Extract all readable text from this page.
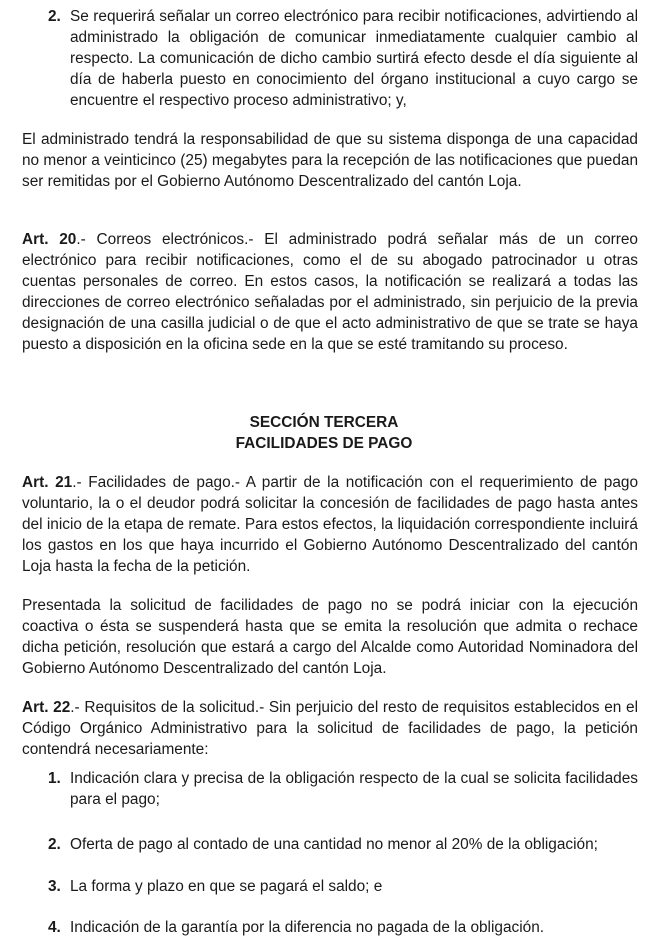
2. Se requerirá señalar un correo electrónico para recibir notificaciones, advirtiendo al administrado la obligación de comunicar inmediatamente cualquier cambio al respecto. La comunicación de dicho cambio surtirá efecto desde el día siguiente al día de haberla puesto en conocimiento del órgano institucional a cuyo cargo se encuentre el respectivo proceso administrativo; y,

El administrado tendrá la responsabilidad de que su sistema disponga de una capacidad no menor a veinticinco (25) megabytes para la recepción de las notificaciones que puedan ser remitidas por el Gobierno Autónomo Descentralizado del cantón Loja.

Art. 20.- Correos electrónicos.- El administrado podrá señalar más de un correo electrónico para recibir notificaciones, como el de su abogado patrocinador u otras cuentas personales de correo. En estos casos, la notificación se realizará a todas las direcciones de correo electrónico señaladas por el administrado, sin perjuicio de la previa designación de una casilla judicial o de que el acto administrativo de que se trate se haya puesto a disposición en la oficina sede en la que se esté tramitando su proceso.

SECCIÓN TERCERA
FACILIDADES DE PAGO

Art. 21.- Facilidades de pago.- A partir de la notificación con el requerimiento de pago voluntario, la o el deudor podrá solicitar la concesión de facilidades de pago hasta antes del inicio de la etapa de remate. Para estos efectos, la liquidación correspondiente incluirá los gastos en los que haya incurrido el Gobierno Autónomo Descentralizado del cantón Loja hasta la fecha de la petición.

Presentada la solicitud de facilidades de pago no se podrá iniciar con la ejecución coactiva o ésta se suspenderá hasta que se emita la resolución que admita o rechace dicha petición, resolución que estará a cargo del Alcalde como Autoridad Nominadora del Gobierno Autónomo Descentralizado del cantón Loja.

Art. 22.- Requisitos de la solicitud.- Sin perjuicio del resto de requisitos establecidos en el Código Orgánico Administrativo para la solicitud de facilidades de pago, la petición contendrá necesariamente:

1. Indicación clara y precisa de la obligación respecto de la cual se solicita facilidades para el pago;
2. Oferta de pago al contado de una cantidad no menor al 20% de la obligación;
3. La forma y plazo en que se pagará el saldo; e
4. Indicación de la garantía por la diferencia no pagada de la obligación.
